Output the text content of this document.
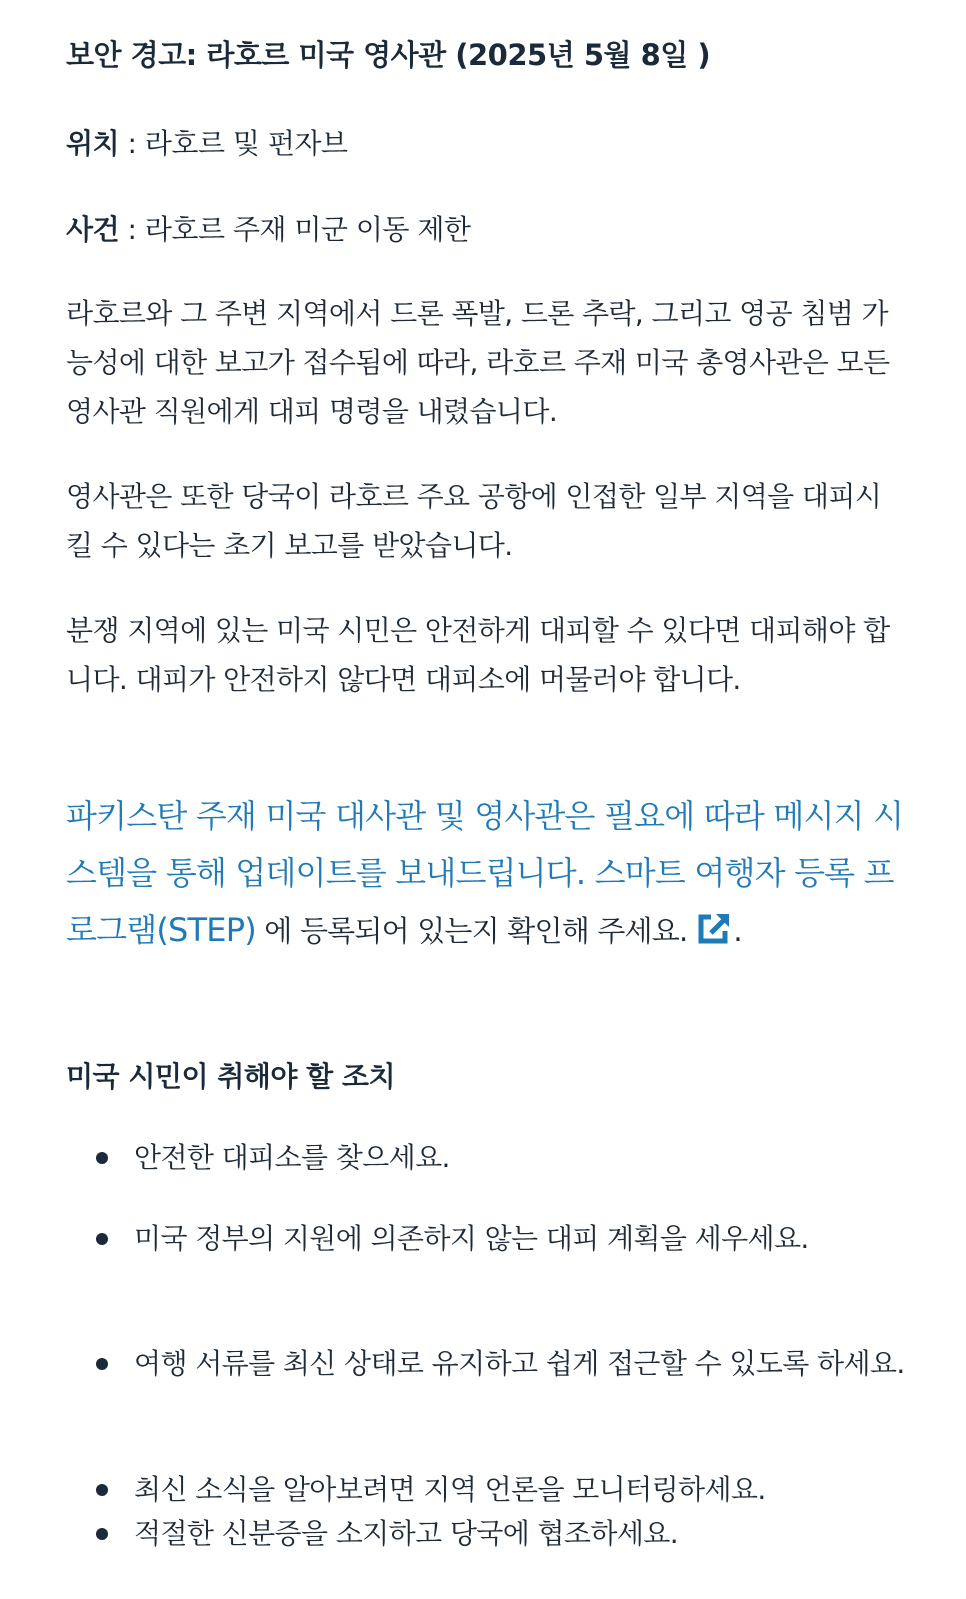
보안 경고: 라호르 미국 영사관 (2025년 5월 8일 )
위치 : 라호르 및 펀자브
사건 : 라호르 주재 미군 이동 제한

라호르와 그 주변 지역에서 드론 폭발, 드론 추락, 그리고 영공 침범 가능성에 대한 보고가 접수됨에 따라, 라호르 주재 미국 총영사관은 모든 영사관 직원에게 대피 명령을 내렸습니다.

영사관은 또한 당국이 라호르 주요 공항에 인접한 일부 지역을 대피시킬 수 있다는 초기 보고를 받았습니다.

분쟁 지역에 있는 미국 시민은 안전하게 대피할 수 있다면 대피해야 합니다. 대피가 안전하지 않다면 대피소에 머물러야 합니다.

파키스탄 주재 미국 대사관 및 영사관은 필요에 따라 메시지 시스템을 통해 업데이트를 보내드립니다. 스마트 여행자 등록 프로그램(STEP) 에 등록되어 있는지 확인해 주세요. .

미국 시민이 취해야 할 조치
안전한 대피소를 찾으세요.
미국 정부의 지원에 의존하지 않는 대피 계획을 세우세요.
여행 서류를 최신 상태로 유지하고 쉽게 접근할 수 있도록 하세요.
최신 소식을 알아보려면 지역 언론을 모니터링하세요.
적절한 신분증을 소지하고 당국에 협조하세요.
